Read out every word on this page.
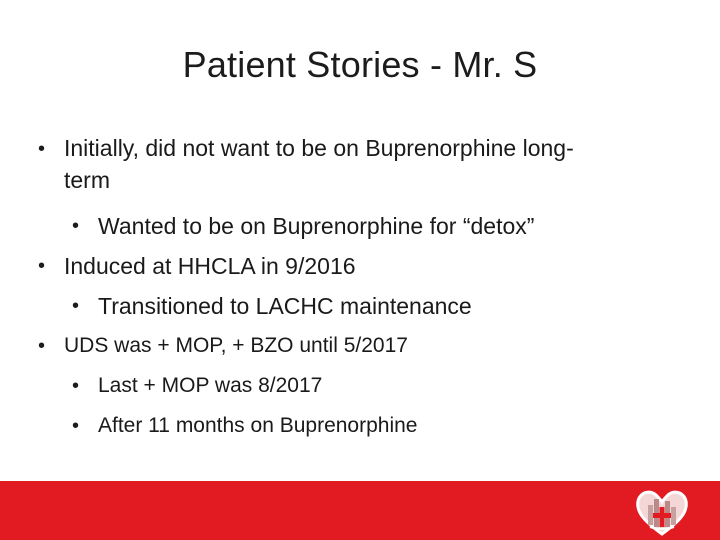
Patient Stories - Mr. S
• Initially, did not want to be on Buprenorphine long-term
• Wanted to be on Buprenorphine for “detox”
• Induced at HHCLA in 9/2016
• Transitioned to LACHC maintenance
• UDS was + MOP, + BZO until 5/2017
• Last + MOP was 8/2017
• After 11 months on Buprenorphine
